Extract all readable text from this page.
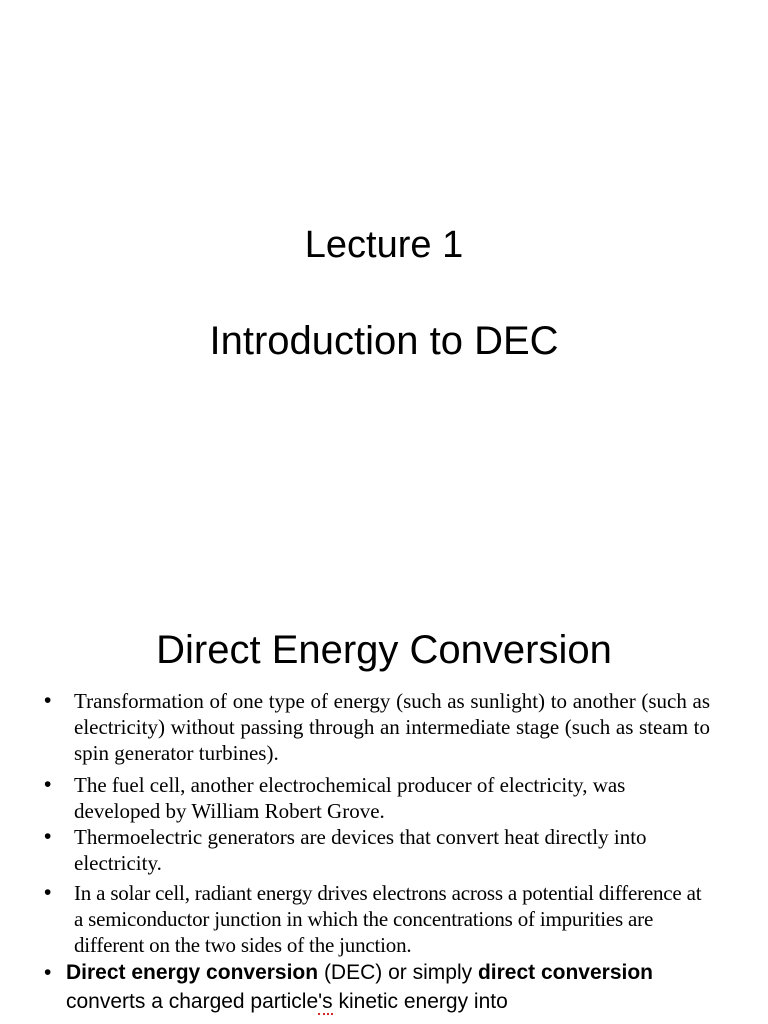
Lecture 1
Introduction to DEC
Direct Energy Conversion
• Transformation of one type of energy (such as sunlight) to another (such as electricity) without passing through an intermediate stage (such as steam to spin generator turbines).
• The fuel cell, another electrochemical producer of electricity, was developed by William Robert Grove.
• Thermoelectric generators are devices that convert heat directly into electricity.
• In a solar cell, radiant energy drives electrons across a potential difference at a semiconductor junction in which the concentrations of impurities are different on the two sides of the junction.
• Direct energy conversion (DEC) or simply direct conversion converts a charged particle's kinetic energy into
